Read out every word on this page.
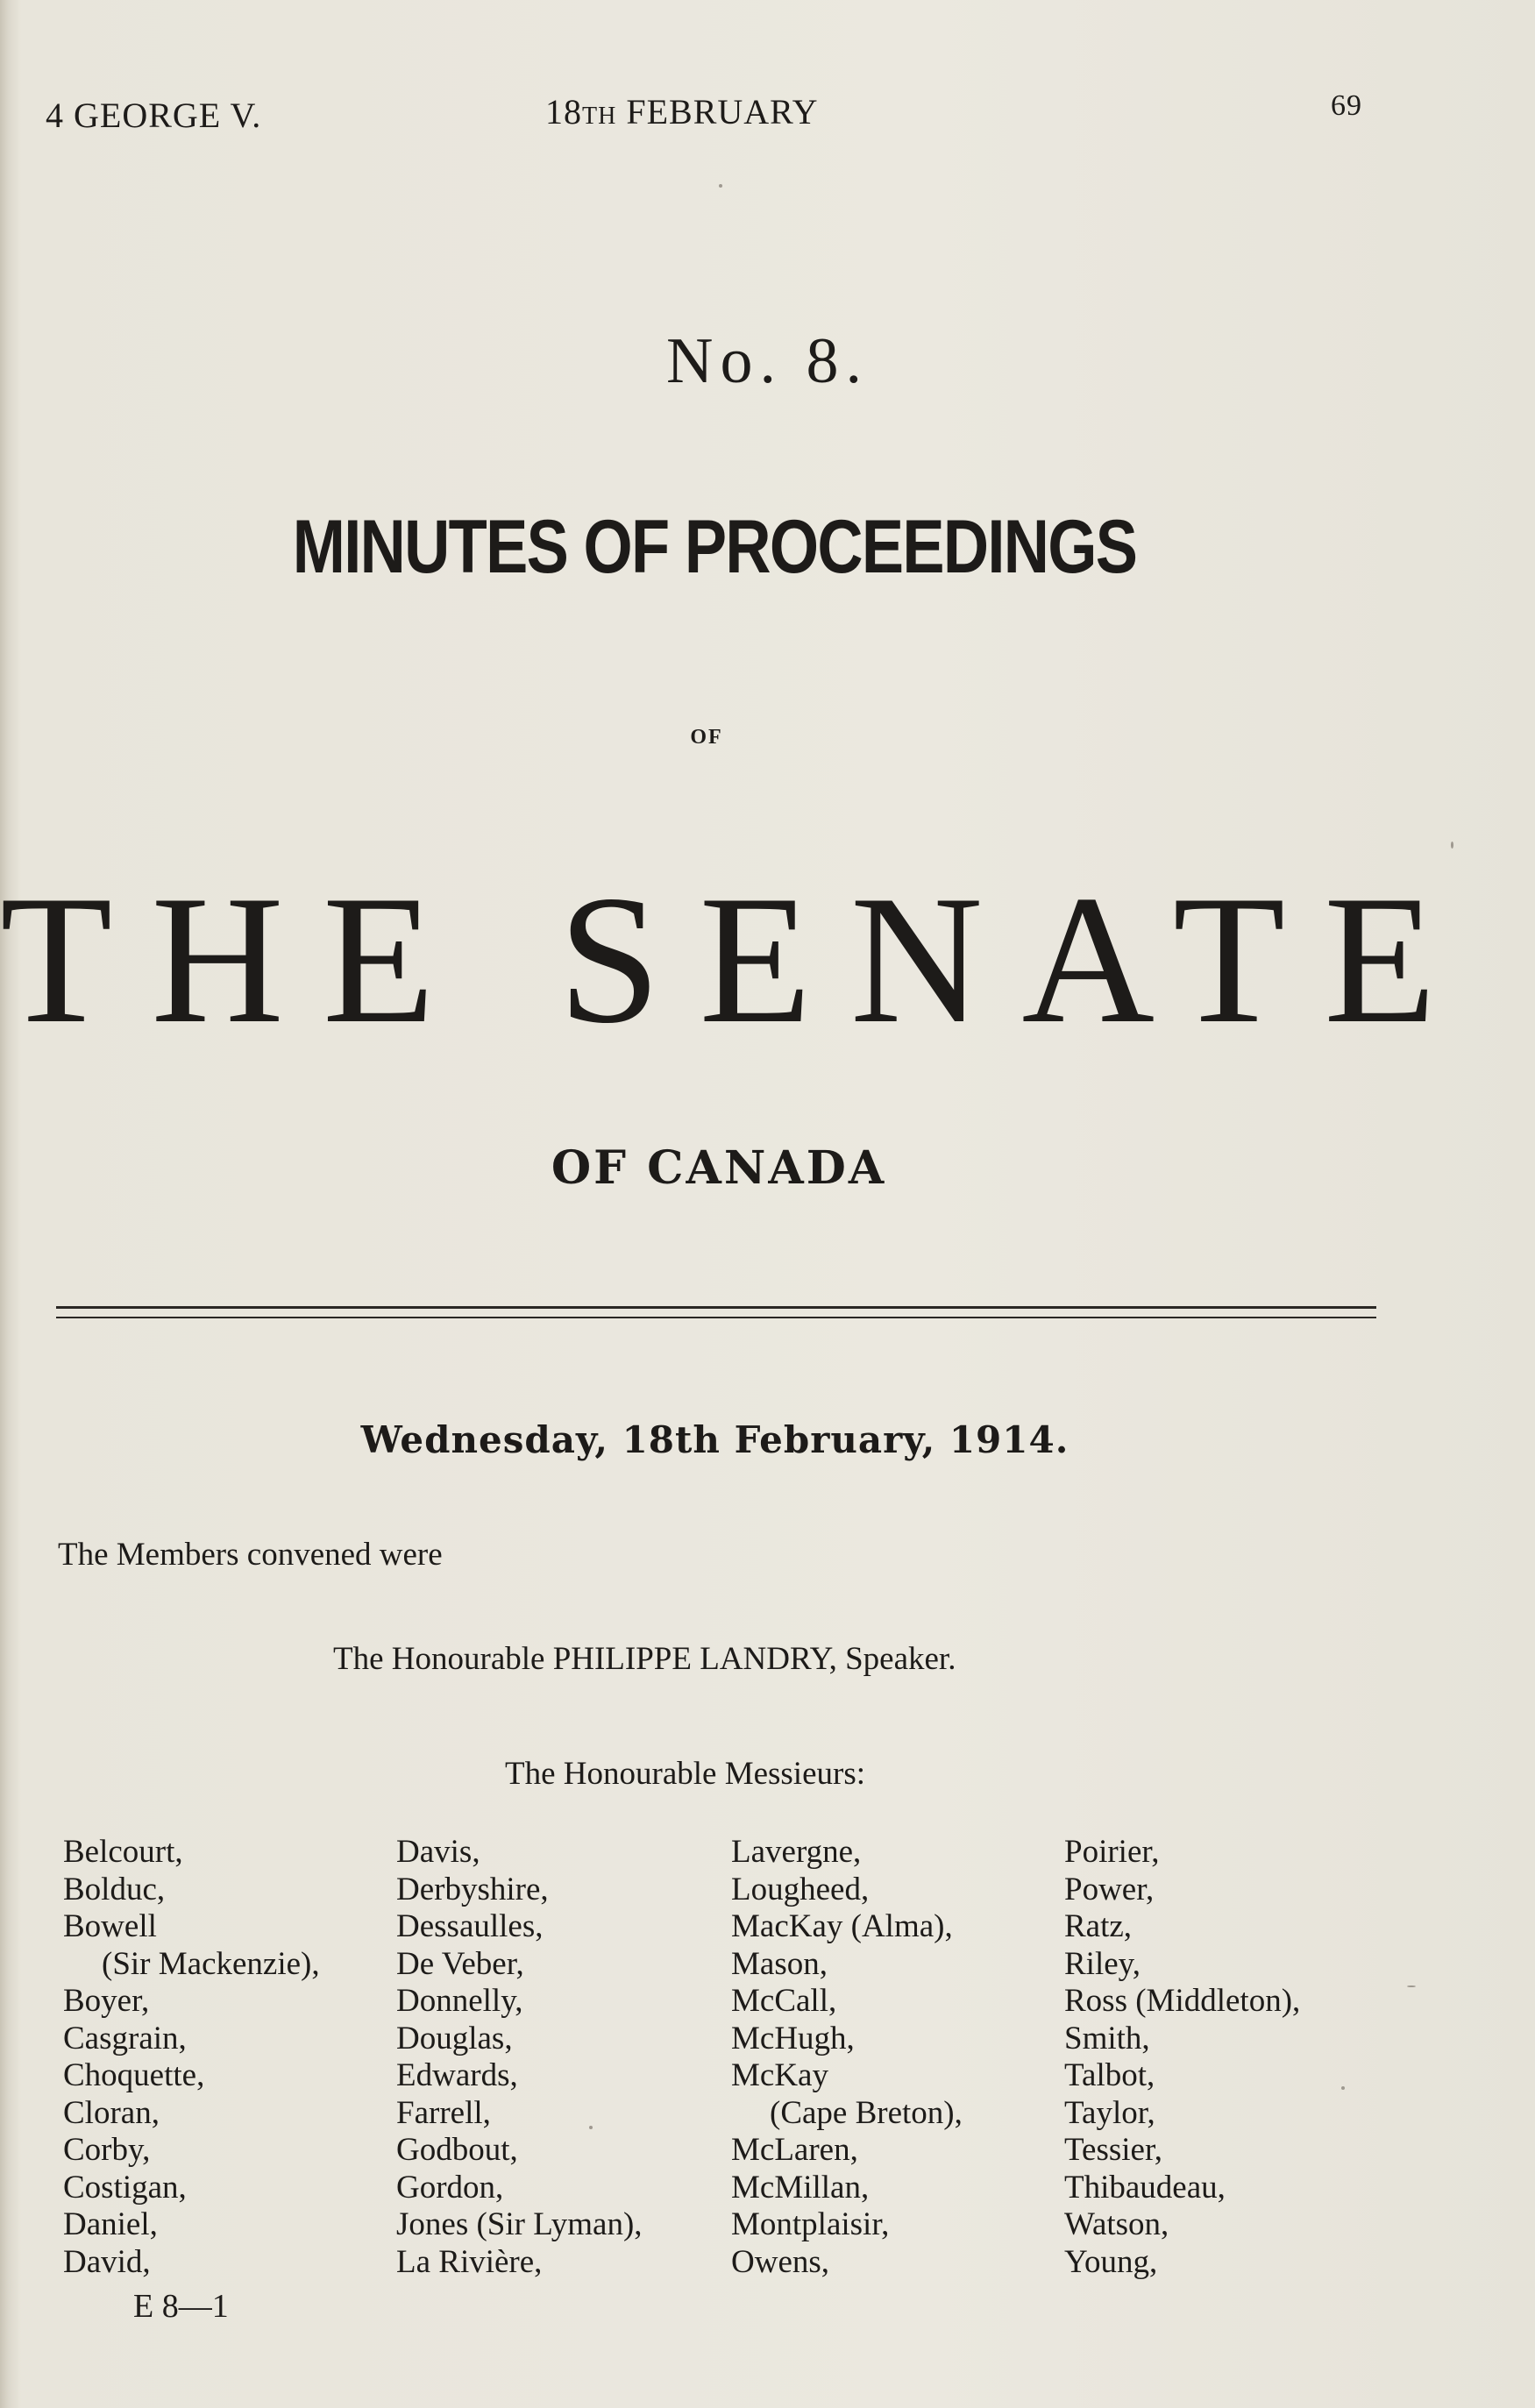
4 GEORGE V.	18TH FEBRUARY	69
No. 8.
MINUTES OF PROCEEDINGS
OF
THE SENATE
OF CANADA
Wednesday, 18th February, 1914.
The Members convened were
The Honourable PHILIPPE LANDRY, Speaker.
The Honourable Messieurs:
Belcourt,
Bolduc,
Bowell
(Sir Mackenzie),
Boyer,
Casgrain,
Choquette,
Cloran,
Corby,
Costigan,
Daniel,
David,
Davis,
Derbyshire,
Dessaulles,
De Veber,
Donnelly,
Douglas,
Edwards,
Farrell,
Godbout,
Gordon,
Jones (Sir Lyman),
La Rivière,
Lavergne,
Lougheed,
MacKay (Alma),
Mason,
McCall,
McHugh,
McKay
(Cape Breton),
McLaren,
McMillan,
Montplaisir,
Owens,
Poirier,
Power,
Ratz,
Riley,
Ross (Middleton),
Smith,
Talbot,
Taylor,
Tessier,
Thibaudeau,
Watson,
Young,
E 8—1
